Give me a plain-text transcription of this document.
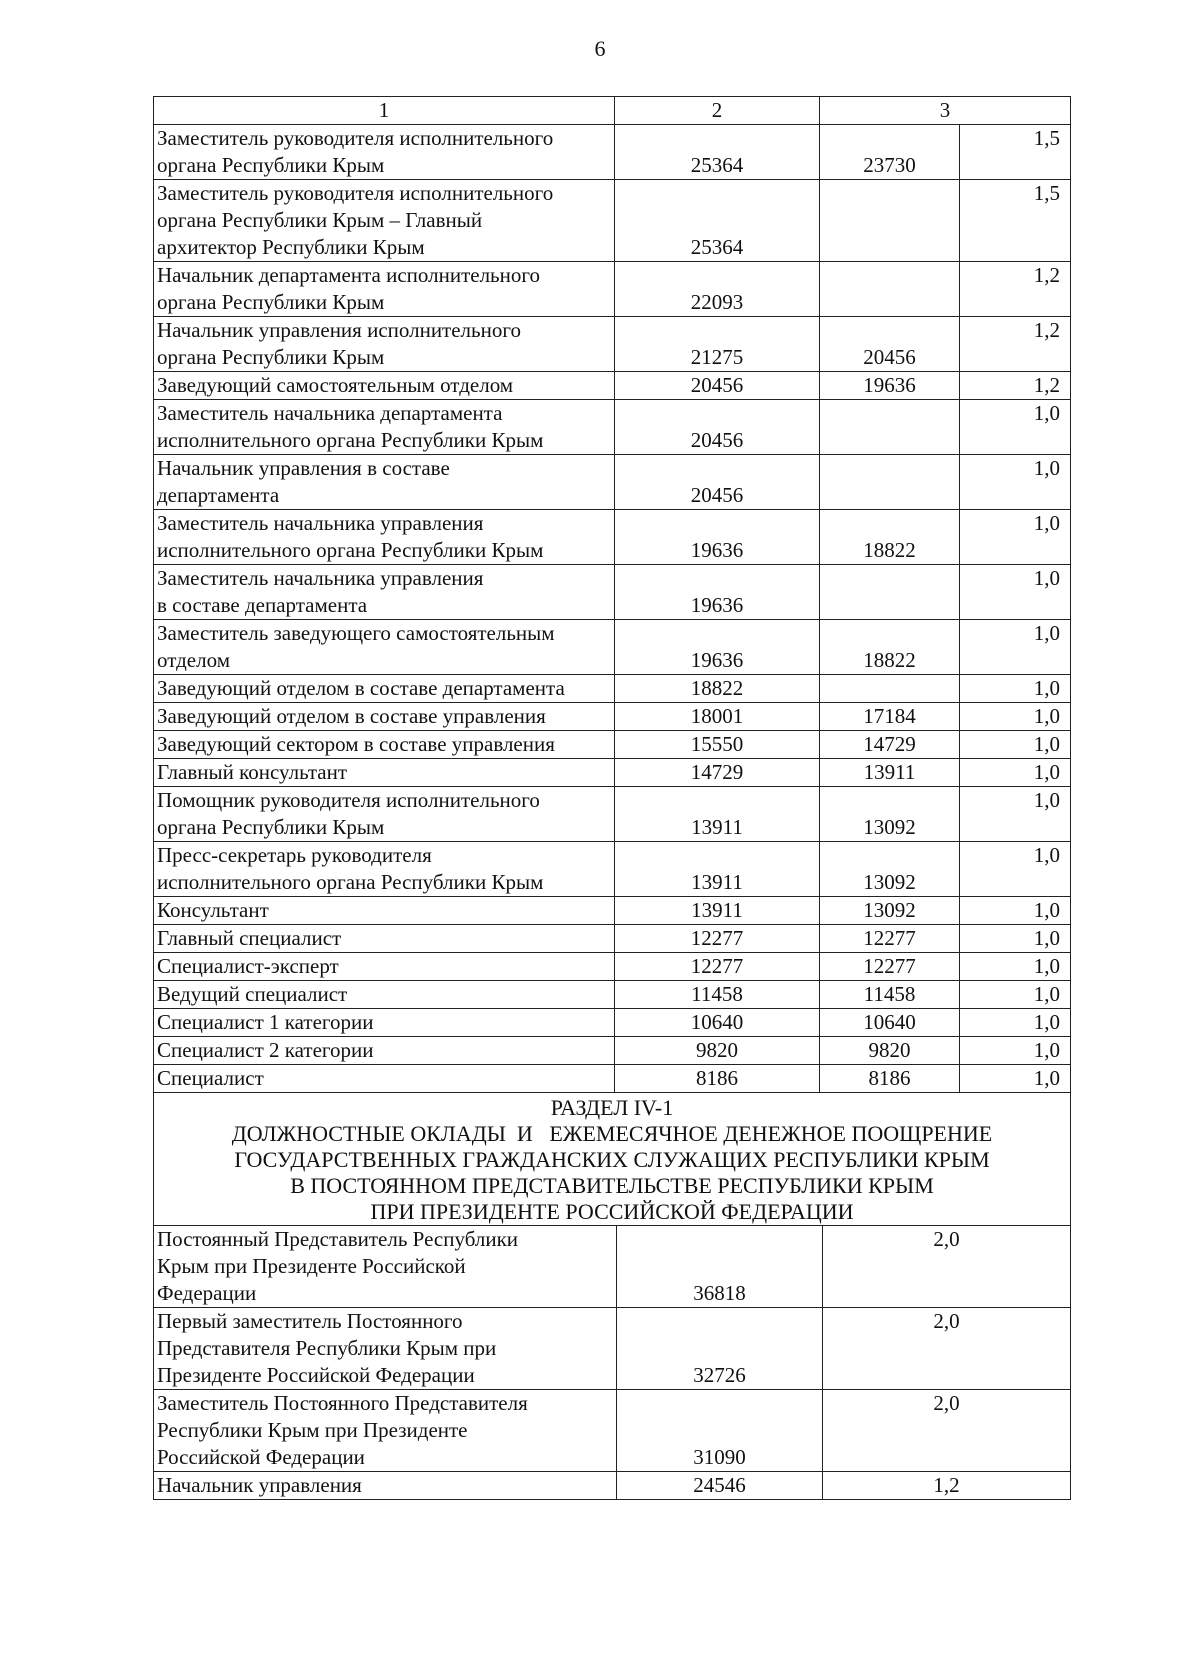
6
1	2	3	
Заместитель руководителя исполнительного
органа Республики Крым	25364	23730	1,5
Заместитель руководителя исполнительного
органа Республики Крым – Главный
архитектор Республики Крым	25364		1,5
Начальник департамента исполнительного
органа Республики Крым	22093		1,2
Начальник управления исполнительного
органа Республики Крым	21275	20456	1,2
Заведующий самостоятельным отделом	20456	19636	1,2
Заместитель начальника департамента
исполнительного органа Республики Крым	20456		1,0
Начальник управления в составе
департамента	20456		1,0
Заместитель начальника управления
исполнительного органа Республики Крым	19636	18822	1,0
Заместитель начальника управления
в составе департамента	19636		1,0
Заместитель заведующего самостоятельным
отделом	19636	18822	1,0
Заведующий отделом в составе департамента	18822		1,0
Заведующий отделом в составе управления	18001	17184	1,0
Заведующий сектором в составе управления	15550	14729	1,0
Главный консультант	14729	13911	1,0
Помощник руководителя исполнительного
органа Республики Крым	13911	13092	1,0
Пресс-секретарь руководителя
исполнительного органа Республики Крым	13911	13092	1,0
Консультант	13911	13092	1,0
Главный специалист	12277	12277	1,0
Специалист-эксперт	12277	12277	1,0
Ведущий специалист	11458	11458	1,0
Специалист 1 категории	10640	10640	1,0
Специалист 2 категории	9820	9820	1,0
Специалист	8186	8186	1,0

РАЗДЕЛ IV-1
ДОЛЖНОСТНЫЕ ОКЛАДЫ  И   ЕЖЕМЕСЯЧНОЕ ДЕНЕЖНОЕ ПООЩРЕНИЕ
ГОСУДАРСТВЕННЫХ ГРАЖДАНСКИХ СЛУЖАЩИХ РЕСПУБЛИКИ КРЫМ
В ПОСТОЯННОМ ПРЕДСТАВИТЕЛЬСТВЕ РЕСПУБЛИКИ КРЫМ
ПРИ ПРЕЗИДЕНТЕ РОССИЙСКОЙ ФЕДЕРАЦИИ			
Постоянный Представитель Республики
Крым при Президенте Российской
Федерации	36818	2,0
Первый заместитель Постоянного
Представителя Республики Крым при
Президенте Российской Федерации	32726	2,0
Заместитель Постоянного Представителя
Республики Крым при Президенте
Российской Федерации	31090	2,0
Начальник управления	24546	1,2
